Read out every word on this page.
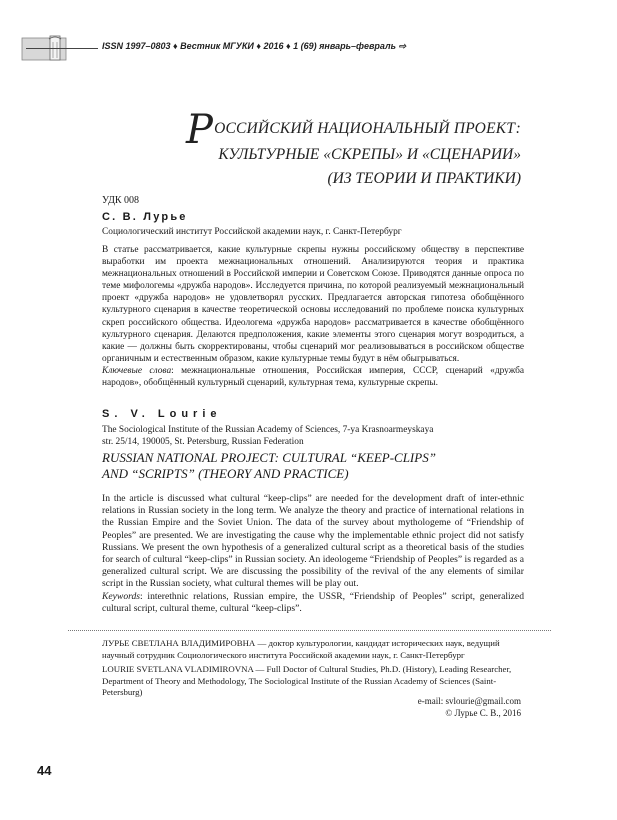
ISSN 1997–0803 ♦ Вестник МГУКИ ♦ 2016 ♦ 1 (69) январь–февраль ⇨
РОССИЙСКИЙ НАЦИОНАЛЬНЫЙ ПРОЕКТ:
КУЛЬТУРНЫЕ «СКРЕПЫ» И «СЦЕНАРИИ»
(ИЗ ТЕОРИИ И ПРАКТИКИ)
УДК 008
С. В. Лурье
Социологический институт Российской академии наук, г. Санкт-Петербург

В статье рассматривается, какие культурные скрепы нужны российскому обществу в перспективе выработки им проекта межнациональных отношений. Анализируются теория и практика межнациональных отношений в Российской империи и Советском Союзе. Приводятся данные опроса по теме мифологемы «дружба народов». Исследуется причина, по которой реализуемый межнациональный проект «дружба народов» не удовлетворял русских. Предлагается авторская гипотеза обобщённого культурного сценария в качестве теоретической основы исследований по проблеме поиска культурных скреп российского общества. Идеологема «дружба народов» рассматривается в качестве обобщённого культурного сценария. Делаются предположения, какие элементы этого сценария могут возродиться, а какие — должны быть скорректированы, чтобы сценарий мог реализовываться в российском обществе органичным и естественным образом, какие культурные темы будут в нём обыгрываться.

Ключевые слова: межнациональные отношения, Российская империя, СССР, сценарий «дружба народов», обобщённый культурный сценарий, культурная тема, культурные скрепы.

S. V. Lourie
The Sociological Institute of the Russian Academy of Sciences, 7-ya Krasnoarmeyskaya
str. 25/14, 190005, St. Petersburg, Russian Federation
RUSSIAN NATIONAL PROJECT: CULTURAL “KEEP-CLIPS” AND “SCRIPTS” (THEORY AND PRACTICE)

In the article is discussed what cultural “keep-clips” are needed for the development draft of inter-ethnic relations in Russian society in the long term. We analyze the theory and practice of international relations in the Russian Empire and the Soviet Union. The data of the survey about mythologeme of “Friendship of Peoples” are presented. We are investigating the cause why the implementable ethnic project did not satisfy Russians. We present the own hypothesis of a generalized cultural script as a theoretical basis of the studies for search of cultural “keep-clips” in Russian society. An ideologeme “Friendship of Peoples” is regarded as a generalized cultural script. We are discussing the possibility of the revival of the any elements of similar script in the Russian society, what cultural themes will be play out.

Keywords: interethnic relations, Russian empire, the USSR, “Friendship of Peoples” script, generalized cultural script, cultural theme, cultural “keep-clips”.

ЛУРЬЕ СВЕТЛАНА ВЛАДИМИРОВНА — доктор культурологии, кандидат исторических наук, ведущий научный сотрудник Социологического института Российской академии наук, г. Санкт-Петербург

LOURIE SVETLANA VLADIMIROVNA — Full Doctor of Cultural Studies, Ph.D. (History), Leading Researcher, Department of Theory and Methodology, The Sociological Institute of the Russian Academy of Sciences (Saint-Petersburg)

e-mail: svlourie@gmail.com
© Лурье С. В., 2016
44
